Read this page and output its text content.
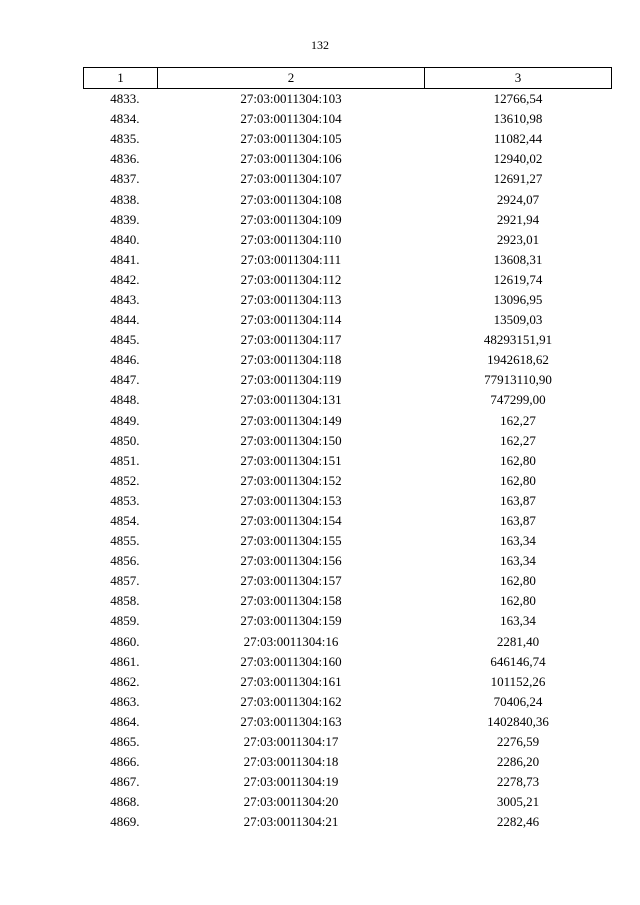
132
1	2	3
4833.	27:03:0011304:103	12766,54
4834.	27:03:0011304:104	13610,98
4835.	27:03:0011304:105	11082,44
4836.	27:03:0011304:106	12940,02
4837.	27:03:0011304:107	12691,27
4838.	27:03:0011304:108	2924,07
4839.	27:03:0011304:109	2921,94
4840.	27:03:0011304:110	2923,01
4841.	27:03:0011304:111	13608,31
4842.	27:03:0011304:112	12619,74
4843.	27:03:0011304:113	13096,95
4844.	27:03:0011304:114	13509,03
4845.	27:03:0011304:117	48293151,91
4846.	27:03:0011304:118	1942618,62
4847.	27:03:0011304:119	77913110,90
4848.	27:03:0011304:131	747299,00
4849.	27:03:0011304:149	162,27
4850.	27:03:0011304:150	162,27
4851.	27:03:0011304:151	162,80
4852.	27:03:0011304:152	162,80
4853.	27:03:0011304:153	163,87
4854.	27:03:0011304:154	163,87
4855.	27:03:0011304:155	163,34
4856.	27:03:0011304:156	163,34
4857.	27:03:0011304:157	162,80
4858.	27:03:0011304:158	162,80
4859.	27:03:0011304:159	163,34
4860.	27:03:0011304:16	2281,40
4861.	27:03:0011304:160	646146,74
4862.	27:03:0011304:161	101152,26
4863.	27:03:0011304:162	70406,24
4864.	27:03:0011304:163	1402840,36
4865.	27:03:0011304:17	2276,59
4866.	27:03:0011304:18	2286,20
4867.	27:03:0011304:19	2278,73
4868.	27:03:0011304:20	3005,21
4869.	27:03:0011304:21	2282,46
